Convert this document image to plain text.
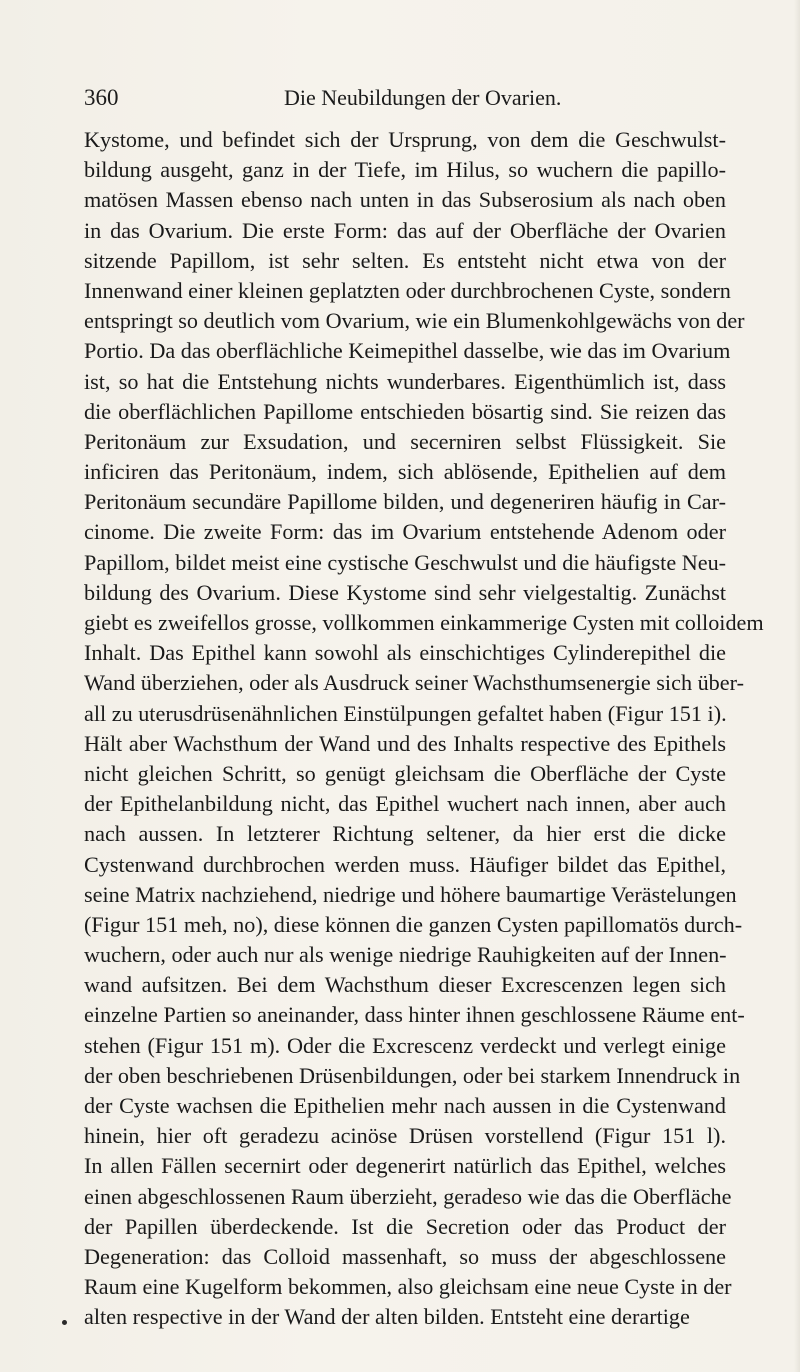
360	Die Neubildungen der Ovarien.
Kystome, und befindet sich der Ursprung, von dem die Geschwulst-
bildung ausgeht, ganz in der Tiefe, im Hilus, so wuchern die papillo-
matösen Massen ebenso nach unten in das Subserosium als nach oben
in das Ovarium. Die erste Form: das auf der Oberfläche der Ovarien
sitzende Papillom, ist sehr selten. Es entsteht nicht etwa von der
Innenwand einer kleinen geplatzten oder durchbrochenen Cyste, sondern
entspringt so deutlich vom Ovarium, wie ein Blumenkohlgewächs von der
Portio. Da das oberflächliche Keimepithel dasselbe, wie das im Ovarium
ist, so hat die Entstehung nichts wunderbares. Eigenthümlich ist, dass
die oberflächlichen Papillome entschieden bösartig sind. Sie reizen das
Peritonäum zur Exsudation, und secerniren selbst Flüssigkeit. Sie
inficiren das Peritonäum, indem, sich ablösende, Epithelien auf dem
Peritonäum secundäre Papillome bilden, und degeneriren häufig in Car-
cinome. Die zweite Form: das im Ovarium entstehende Adenom oder
Papillom, bildet meist eine cystische Geschwulst und die häufigste Neu-
bildung des Ovarium. Diese Kystome sind sehr vielgestaltig. Zunächst
giebt es zweifellos grosse, vollkommen einkammerige Cysten mit colloidem
Inhalt. Das Epithel kann sowohl als einschichtiges Cylinderepithel die
Wand überziehen, oder als Ausdruck seiner Wachsthumsenergie sich über-
all zu uterusdrüsenähnlichen Einstülpungen gefaltet haben (Figur 151 i).
Hält aber Wachsthum der Wand und des Inhalts respective des Epithels
nicht gleichen Schritt, so genügt gleichsam die Oberfläche der Cyste
der Epithelanbildung nicht, das Epithel wuchert nach innen, aber auch
nach aussen. In letzterer Richtung seltener, da hier erst die dicke
Cystenwand durchbrochen werden muss. Häufiger bildet das Epithel,
seine Matrix nachziehend, niedrige und höhere baumartige Verästelungen
(Figur 151 meh, no), diese können die ganzen Cysten papillomatös durch-
wuchern, oder auch nur als wenige niedrige Rauhigkeiten auf der Innen-
wand aufsitzen. Bei dem Wachsthum dieser Excrescenzen legen sich
einzelne Partien so aneinander, dass hinter ihnen geschlossene Räume ent-
stehen (Figur 151 m). Oder die Excrescenz verdeckt und verlegt einige
der oben beschriebenen Drüsenbildungen, oder bei starkem Innendruck in
der Cyste wachsen die Epithelien mehr nach aussen in die Cystenwand
hinein, hier oft geradezu acinöse Drüsen vorstellend (Figur 151 l).
In allen Fällen secernirt oder degenerirt natürlich das Epithel, welches
einen abgeschlossenen Raum überzieht, geradeso wie das die Oberfläche
der Papillen überdeckende. Ist die Secretion oder das Product der
Degeneration: das Colloid massenhaft, so muss der abgeschlossene
Raum eine Kugelform bekommen, also gleichsam eine neue Cyste in der
alten respective in der Wand der alten bilden. Entsteht eine derartige
